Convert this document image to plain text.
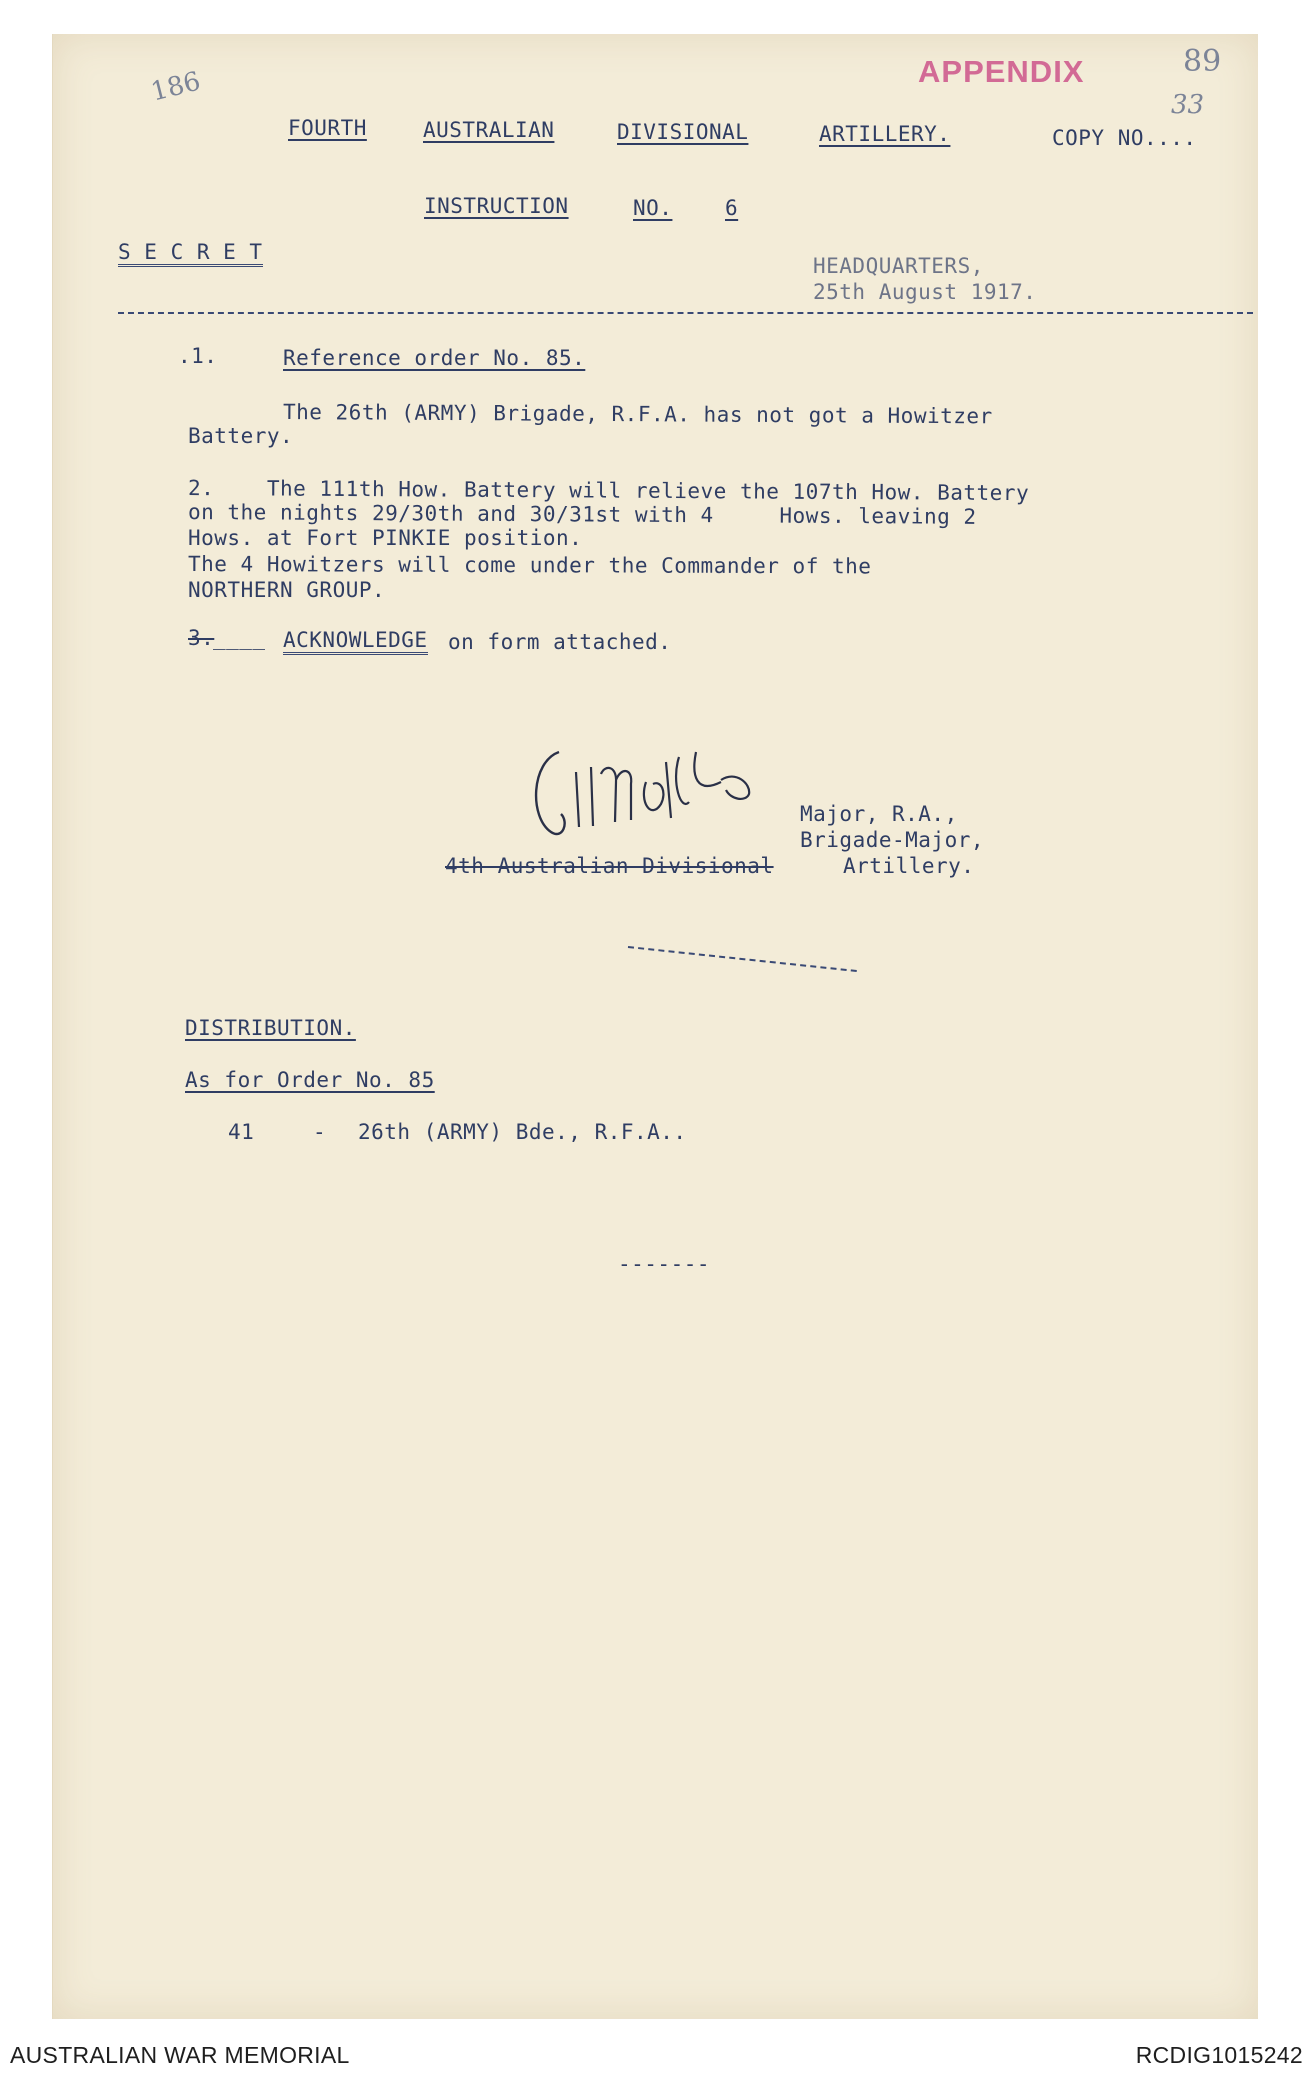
186
89
33
APPENDIX
FOURTH	AUSTRALIAN	DIVISIONAL	ARTILLERY.	COPY NO....
INSTRUCTION	NO.	6
S E C R E T
HEADQUARTERS,
25th August 1917.
.1.	Reference order No. 85.
The 26th (ARMY) Brigade, R.F.A. has not got a Howitzer
Battery.
2.    The 111th How. Battery will relieve the 107th How. Battery
on the nights 29/30th and 30/31st with 4     Hows. leaving 2
Hows. at Fort PINKIE position.
The 4 Howitzers will come under the Commander of the
NORTHERN GROUP.
3.
____ ACKNOWLEDGE on form attached.
Major, R.A.,
Brigade-Major,
4th Australian Divisional	Artillery.
DISTRIBUTION.
As for Order No. 85
41	- 26th (ARMY) Bde., R.F.A..
-------
AUSTRALIAN WAR MEMORIAL	RCDIG1015242
